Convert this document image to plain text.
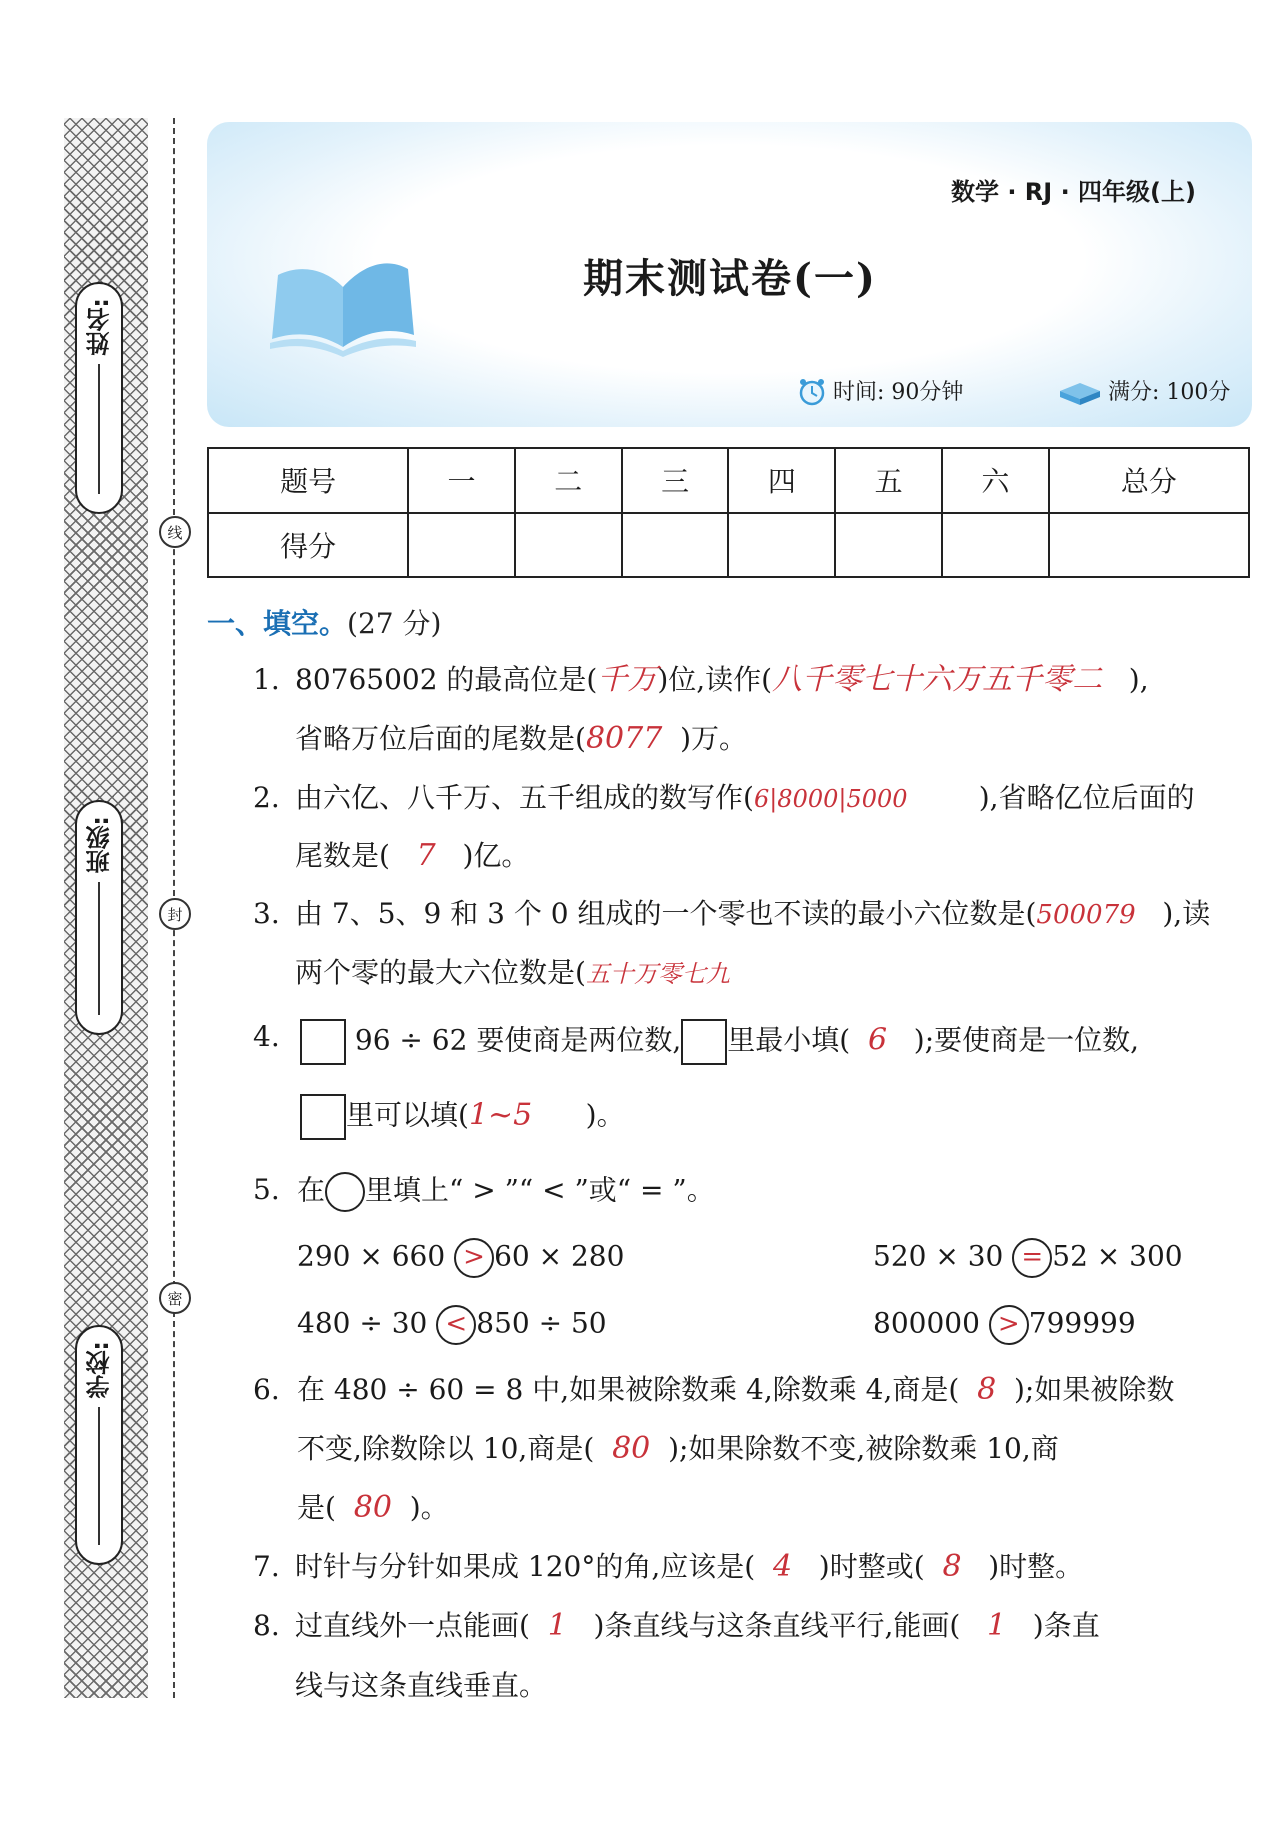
姓名:
班级:
学校:
线
封
密
数学 · RJ · 四年级(上)
期末测试卷(一)
时间: 90分钟	满分: 100分
题号	一	二	三	四	五	六	总分
得分							
一、填空。(27 分)
1. 80765002 的最高位是(千万)位,读作(八千零七十六万五千零二 ),
省略万位后面的尾数是(8077 )万。
2. 由六亿、八千万、五千组成的数写作(6|8000|5000	),省略亿位后面的
尾数是( 7 )亿。
3. 由 7、5、9 和 3 个 0 组成的一个零也不读的最小六位数是(500079 ),读
两个零的最大六位数是(五十万零七九
4.	96 ÷ 62 要使商是两位数, 里最小填( 6 );要使商是一位数,
里可以填(1~5 )。
5. 在 里填上“ > ”“ < ”或“ = ”。
290 × 660 > 60 × 280	520 × 30 = 52 × 300
480 ÷ 30 < 850 ÷ 50	800000 > 799999
6. 在 480 ÷ 60 = 8 中,如果被除数乘 4,除数乘 4,商是( 8 );如果被除数
不变,除数除以 10,商是( 80 );如果除数不变,被除数乘 10,商
是( 80 )。
7. 时针与分针如果成 120°的角,应该是( 4 )时整或( 8 )时整。
8. 过直线外一点能画( 1 )条直线与这条直线平行,能画( 1 )条直
线与这条直线垂直。
